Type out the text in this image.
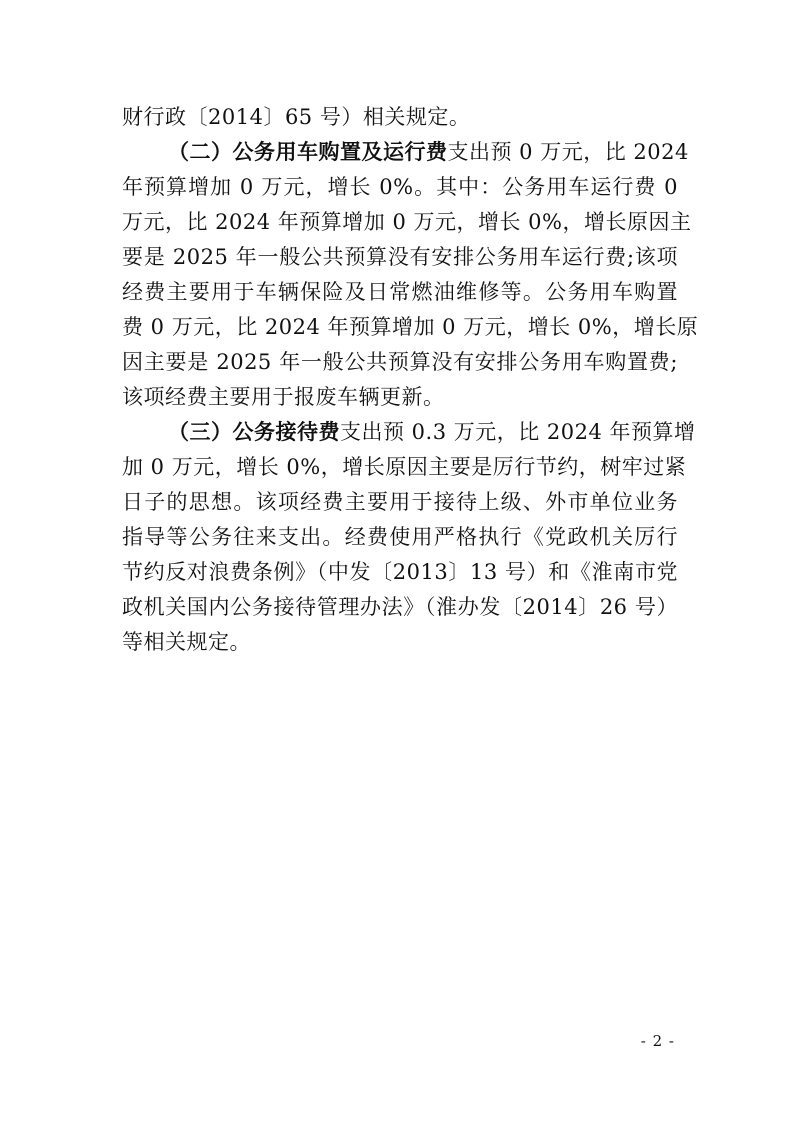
财行政〔2014〕65 号）相关规定。
（二）公务用车购置及运行费支出预 0 万元，比 2024
年预算增加 0 万元，增长 0%。其中：公务用车运行费 0
万元，比 2024 年预算增加 0 万元，增长 0%，增长原因主
要是 2025 年一般公共预算没有安排公务用车运行费;该项
经费主要用于车辆保险及日常燃油维修等。公务用车购置
费 0 万元，比 2024 年预算增加 0 万元，增长 0%，增长原
因主要是 2025 年一般公共预算没有安排公务用车购置费;
该项经费主要用于报废车辆更新。
（三）公务接待费支出预 0.3 万元，比 2024 年预算增
加 0 万元，增长 0%，增长原因主要是厉行节约，树牢过紧
日子的思想。该项经费主要用于接待上级、外市单位业务
指导等公务往来支出。经费使用严格执行《党政机关厉行
节约反对浪费条例》（中发〔2013〕13 号）和《淮南市党
政机关国内公务接待管理办法》（淮办发〔2014〕26 号）
等相关规定。
- 2 -
